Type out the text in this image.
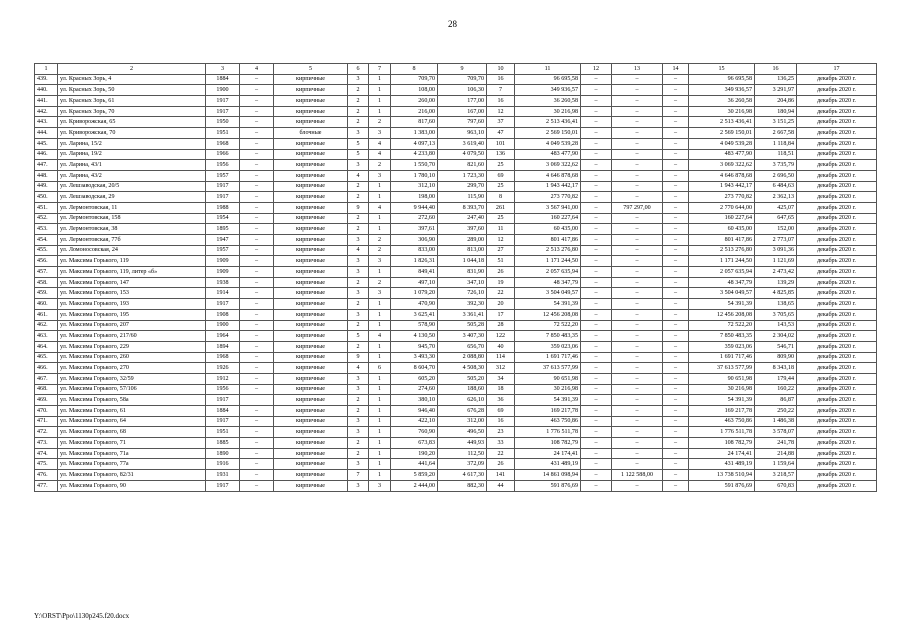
28
1	2	3	4	5	6	7	8	9	10	11	12	13	14	15	16	17
439.	ул. Красных Зорь, 4	1884	–	кирпичные	3	1	709,70	709,70	16	96 695,58	–	–	–	96 695,58	136,25	декабрь 2020 г.
440.	ул. Красных Зорь, 50	1900	–	кирпичные	2	1	108,00	106,30	7	349 936,57	–	–	–	349 936,57	3 291,97	декабрь 2020 г.
441.	ул. Красных Зорь, 61	1917	–	кирпичные	2	1	260,00	177,00	16	36 260,58	–	–	–	36 260,58	204,86	декабрь 2020 г.
442.	ул. Красных Зорь, 70	1917	–	кирпичные	2	1	216,00	167,00	12	30 216,98	–	–	–	30 216,98	180,94	декабрь 2020 г.
443.	ул. Криворожская, 65	1950	–	кирпичные	2	2	817,60	797,60	37	2 513 436,41	–	–	–	2 513 436,41	3 151,25	декабрь 2020 г.
444.	ул. Криворожская, 70	1951	–	блочные	3	3	1 383,00	963,10	47	2 569 150,01	–	–	–	2 569 150,01	2 667,58	декабрь 2020 г.
445.	ул. Ларина, 15/2	1968	–	кирпичные	5	4	4 097,13	3 619,40	101	4 049 539,28	–	–	–	4 049 539,28	1 118,84	декабрь 2020 г.
446.	ул. Ларина, 19/2	1966	–	кирпичные	5	4	4 233,80	4 079,50	136	483 477,90	–	–	–	483 477,90	118,51	декабрь 2020 г.
447.	ул. Ларина, 43/1	1956	–	кирпичные	3	2	1 550,70	821,60	25	3 069 322,62	–	–	–	3 069 322,62	3 735,79	декабрь 2020 г.
448.	ул. Ларина, 43/2	1957	–	кирпичные	4	3	1 780,10	1 723,30	69	4 646 878,68	–	–	–	4 646 878,68	2 696,50	декабрь 2020 г.
449.	ул. Лешзаводская, 20/5	1917	–	кирпичные	2	1	312,10	299,70	25	1 943 442,17	–	–	–	1 943 442,17	6 484,63	декабрь 2020 г.
450.	ул. Лешзаводская, 29	1917	–	кирпичные	2	1	198,00	115,90	8	273 770,82	–	–	–	273 770,82	2 362,13	декабрь 2020 г.
451.	ул. Лермонтовская, 11	1988	–	кирпичные	9	4	9 944,40	8 393,70	261	3 567 941,00	–	797 297,00	–	2 770 644,00	425,07	декабрь 2020 г.
452.	ул. Лермонтовская, 158	1954	–	кирпичные	2	1	272,60	247,40	25	160 227,64	–	–	–	160 227,64	647,65	декабрь 2020 г.
453.	ул. Лермонтовская, 38	1895	–	кирпичные	2	1	397,61	397,60	11	60 435,00	–	–	–	60 435,00	152,00	декабрь 2020 г.
454.	ул. Лермонтовская, 77б	1947	–	кирпичные	3	2	306,90	289,00	12	801 417,86	–	–	–	801 417,86	2 773,07	декабрь 2020 г.
455.	ул. Ломоносовская, 24	1957	–	кирпичные	4	2	833,00	813,00	27	2 513 276,80	–	–	–	2 513 276,80	3 091,36	декабрь 2020 г.
456.	ул. Максима Горького, 119	1909	–	кирпичные	3	3	1 826,31	1 044,18	51	1 171 244,50	–	–	–	1 171 244,50	1 121,69	декабрь 2020 г.
457.	ул. Максима Горького, 119, литер «б»	1909	–	кирпичные	3	1	849,41	831,90	26	2 057 635,94	–	–	–	2 057 635,94	2 473,42	декабрь 2020 г.
458.	ул. Максима Горького, 147	1938	–	кирпичные	2	2	497,10	347,10	19	48 347,79	–	–	–	48 347,79	139,29	декабрь 2020 г.
459.	ул. Максима Горького, 153	1914	–	кирпичные	3	3	1 079,20	726,10	22	3 504 049,57	–	–	–	3 504 049,57	4 825,85	декабрь 2020 г.
460.	ул. Максима Горького, 193	1917	–	кирпичные	2	1	470,90	392,30	20	54 391,39	–	–	–	54 391,39	138,65	декабрь 2020 г.
461.	ул. Максима Горького, 195	1908	–	кирпичные	3	1	3 625,41	3 361,41	17	12 456 208,08	–	–	–	12 456 208,08	3 705,65	декабрь 2020 г.
462.	ул. Максима Горького, 207	1900	–	кирпичные	2	1	578,90	505,28	28	72 522,20	–	–	–	72 522,20	143,53	декабрь 2020 г.
463.	ул. Максима Горького, 217/60	1964	–	кирпичные	5	4	4 130,50	3 407,30	122	7 850 483,35	–	–	–	7 850 483,35	2 304,02	декабрь 2020 г.
464.	ул. Максима Горького, 229	1894	–	кирпичные	2	1	945,70	656,70	40	359 023,06	–	–	–	359 023,06	546,71	декабрь 2020 г.
465.	ул. Максима Горького, 260	1968	–	кирпичные	9	1	3 493,30	2 088,80	114	1 691 717,46	–	–	–	1 691 717,46	809,90	декабрь 2020 г.
466.	ул. Максима Горького, 270	1926	–	кирпичные	4	6	8 604,70	4 508,30	312	37 613 577,99	–	–	–	37 613 577,99	8 343,18	декабрь 2020 г.
467.	ул. Максима Горького, 32/59	1912	–	кирпичные	3	1	605,20	505,20	34	90 651,98	–	–	–	90 651,98	179,44	декабрь 2020 г.
468.	ул. Максима Горького, 57/106	1956	–	кирпичные	3	1	274,60	188,60	18	30 216,98	–	–	–	30 216,98	160,22	декабрь 2020 г.
469.	ул. Максима Горького, 58а	1917		кирпичные	2	1	380,10	626,10	36	54 391,39	–	–	–	54 391,39	86,87	декабрь 2020 г.
470.	ул. Максима Горького, 61	1884	–	кирпичные	2	1	946,40	676,28	69	169 217,78	–	–	–	169 217,78	250,22	декабрь 2020 г.
471.	ул. Максима Горького, 64	1917	–	кирпичные	3	1	422,10	312,00	16	463 750,86	–	–	–	463 750,86	1 486,38	декабрь 2020 г.
472.	ул. Максима Горького, 68	1951	–	кирпичные	3	1	760,90	496,50	23	1 776 511,78	–	–	–	1 776 511,78	3 578,07	декабрь 2020 г.
473.	ул. Максима Горького, 71	1885	–	кирпичные	2	1	673,83	449,93	33	108 782,79	–	–	–	108 782,79	241,78	декабрь 2020 г.
474.	ул. Максима Горького, 71а	1890	–	кирпичные	2	1	190,20	112,50	22	24 174,41	–	–	–	24 174,41	214,88	декабрь 2020 г.
475.	ул. Максима Горького, 77а	1916	–	кирпичные	3	1	441,64	372,09	26	431 489,19	–	–	–	431 489,19	1 159,64	декабрь 2020 г.
476.	ул. Максима Горького, 82/31	1931	–	кирпичные	7	1	5 859,20	4 617,30	141	14 861 098,94	–	1 122 588,00	–	13 738 510,94	3 218,57	декабрь 2020 г.
477.	ул. Максима Горького, 90	1917	–	кирпичные	3	3	2 444,00	882,30	44	591 876,69	–	–	–	591 876,69	670,83	декабрь 2020 г.
Y:\ORST\Ppo\1130p245.f20.docx
